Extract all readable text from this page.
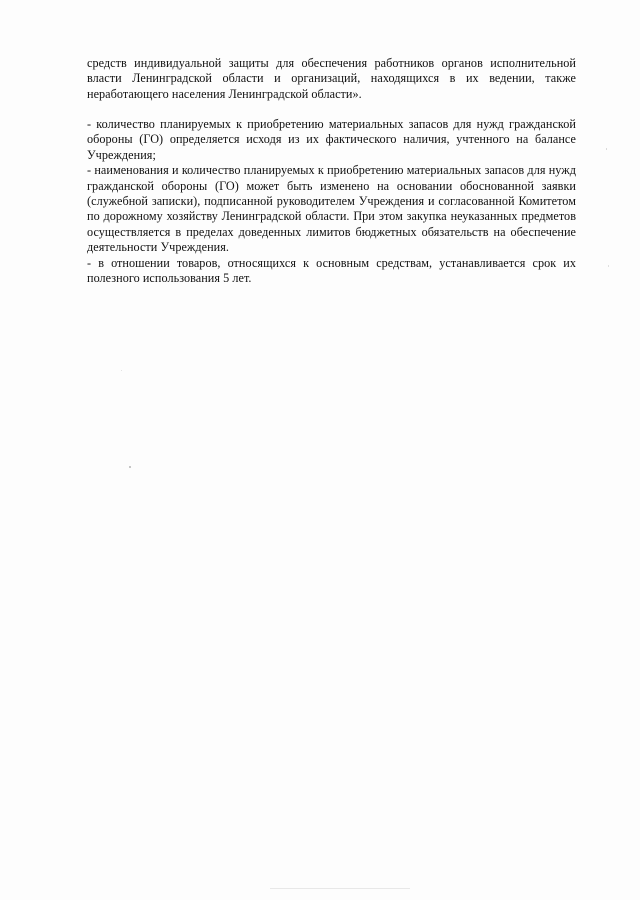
средств индивидуальной защиты для обеспечения работников органов исполнительной власти Ленинградской области и организаций, находящихся в их ведении, также неработающего населения Ленинградской области».

- количество планируемых к приобретению материальных запасов для нужд гражданской обороны (ГО) определяется исходя из их фактического наличия, учтенного на балансе Учреждения;

- наименования и количество планируемых к приобретению материальных запасов для нужд гражданской обороны (ГО) может быть изменено на основании обоснованной заявки (служебной записки), подписанной руководителем Учреждения и согласованной Комитетом по дорожному хозяйству Ленинградской области. При этом закупка неуказанных предметов осуществляется в пределах доведенных лимитов бюджетных обязательств на обеспечение деятельности Учреждения.

- в отношении товаров, относящихся к основным средствам, устанавливается срок их полезного использования 5 лет.
